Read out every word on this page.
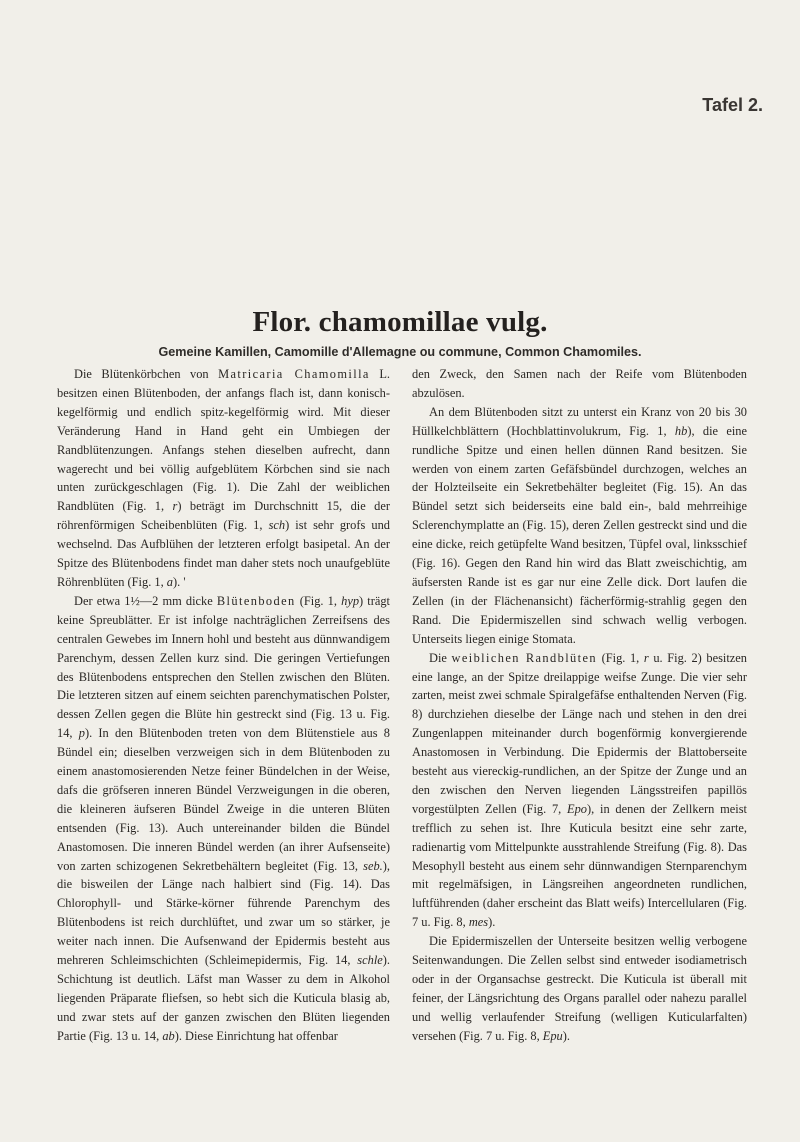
Tafel 2.
Flor. chamomillae vulg.
Gemeine Kamillen, Camomille d'Allemagne ou commune, Common Chamomiles.

Die Blütenkörbchen von Matricaria Chamomilla L. besitzen einen Blütenboden, der anfangs flach ist, dann konisch-kegelförmig und endlich spitz-kegelförmig wird. Mit dieser Veränderung Hand in Hand geht ein Umbiegen der Randblütenzungen. Anfangs stehen dieselben aufrecht, dann wagerecht und bei völlig aufgeblütem Körbchen sind sie nach unten zurückgeschlagen (Fig. 1). Die Zahl der weiblichen Randblüten (Fig. 1, r) beträgt im Durchschnitt 15, die der röhrenförmigen Scheibenblüten (Fig. 1, sch) ist sehr grofs und wechselnd. Das Aufblühen der letzteren erfolgt basipetal. An der Spitze des Blütenbodens findet man daher stets noch unaufgeblüte Röhrenblüten (Fig. 1, a). '

Der etwa 1½—2 mm dicke Blütenboden (Fig. 1, hyp) trägt keine Spreublätter. Er ist infolge nachträglichen Zerreifsens des centralen Gewebes im Innern hohl und besteht aus dünnwandigem Parenchym, dessen Zellen kurz sind. Die geringen Vertiefungen des Blütenbodens entsprechen den Stellen zwischen den Blüten. Die letzteren sitzen auf einem seichten parenchymatischen Polster, dessen Zellen gegen die Blüte hin gestreckt sind (Fig. 13 u. Fig. 14, p). In den Blütenboden treten von dem Blütenstiele aus 8 Bündel ein; dieselben verzweigen sich in dem Blütenboden zu einem anastomosierenden Netze feiner Bündelchen in der Weise, dafs die gröfseren inneren Bündel Verzweigungen in die oberen, die kleineren äufseren Bündel Zweige in die unteren Blüten entsenden (Fig. 13). Auch untereinander bilden die Bündel Anastomosen. Die inneren Bündel werden (an ihrer Aufsenseite) von zarten schizogenen Sekretbehältern begleitet (Fig. 13, seb.), die bisweilen der Länge nach halbiert sind (Fig. 14). Das Chlorophyll- und Stärke-körner führende Parenchym des Blütenbodens ist reich durchlüftet, und zwar um so stärker, je weiter nach innen. Die Aufsenwand der Epidermis besteht aus mehreren Schleimschichten (Schleimepidermis, Fig. 14, schle). Schichtung ist deutlich. Läfst man Wasser zu dem in Alkohol liegenden Präparate fliefsen, so hebt sich die Kuticula blasig ab, und zwar stets auf der ganzen zwischen den Blüten liegenden Partie (Fig. 13 u. 14, ab). Diese Einrichtung hat offenbar

den Zweck, den Samen nach der Reife vom Blütenboden abzulösen.

An dem Blütenboden sitzt zu unterst ein Kranz von 20 bis 30 Hüllkelchblättern (Hochblattinvolukrum, Fig. 1, hb), die eine rundliche Spitze und einen hellen dünnen Rand besitzen. Sie werden von einem zarten Gefäfsbündel durchzogen, welches an der Holzteilseite ein Sekretbehälter begleitet (Fig. 15). An das Bündel setzt sich beiderseits eine bald ein-, bald mehrreihige Sclerenchymplatte an (Fig. 15), deren Zellen gestreckt sind und die eine dicke, reich getüpfelte Wand besitzen, Tüpfel oval, linksschief (Fig. 16). Gegen den Rand hin wird das Blatt zweischichtig, am äufsersten Rande ist es gar nur eine Zelle dick. Dort laufen die Zellen (in der Flächenansicht) fächerförmig-strahlig gegen den Rand. Die Epidermiszellen sind schwach wellig verbogen. Unterseits liegen einige Stomata.

Die weiblichen Randblüten (Fig. 1, r u. Fig. 2) besitzen eine lange, an der Spitze dreilappige weifse Zunge. Die vier sehr zarten, meist zwei schmale Spiralgefäfse enthaltenden Nerven (Fig. 8) durchziehen dieselbe der Länge nach und stehen in den drei Zungenlappen miteinander durch bogenförmig konvergierende Anastomosen in Verbindung. Die Epidermis der Blattoberseite besteht aus viereckig-rundlichen, an der Spitze der Zunge und an den zwischen den Nerven liegenden Längsstreifen papillös vorgestülpten Zellen (Fig. 7, Epo), in denen der Zellkern meist trefflich zu sehen ist. Ihre Kuticula besitzt eine sehr zarte, radienartig vom Mittelpunkte ausstrahlende Streifung (Fig. 8). Das Mesophyll besteht aus einem sehr dünnwandigen Sternparenchym mit regelmäfsigen, in Längsreihen angeordneten rundlichen, luftführenden (daher erscheint das Blatt weifs) Intercellularen (Fig. 7 u. Fig. 8, mes).

Die Epidermiszellen der Unterseite besitzen wellig verbogene Seitenwandungen. Die Zellen selbst sind entweder isodiametrisch oder in der Organsachse gestreckt. Die Kuticula ist überall mit feiner, der Längsrichtung des Organs parallel oder nahezu parallel und wellig verlaufender Streifung (welligen Kuticularfalten) versehen (Fig. 7 u. Fig. 8, Epu).
